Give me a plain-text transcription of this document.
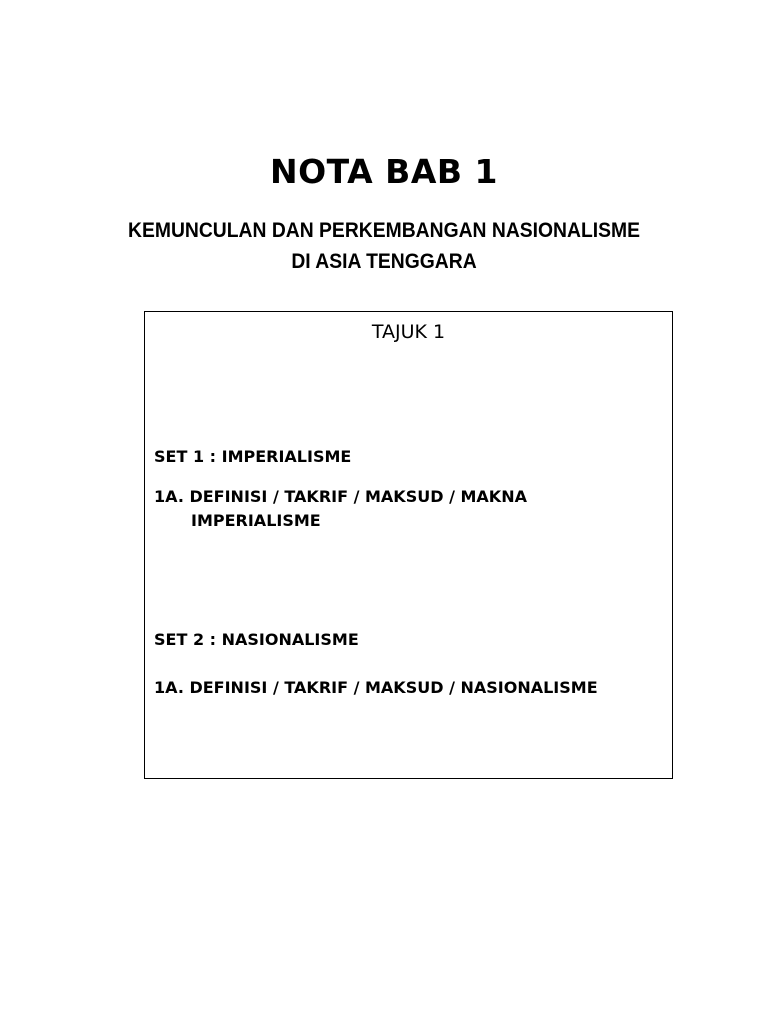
NOTA BAB 1
KEMUNCULAN DAN PERKEMBANGAN NASIONALISME
DI ASIA TENGGARA
TAJUK 1
SET 1 : IMPERIALISME
1A. DEFINISI / TAKRIF / MAKSUD / MAKNA
IMPERIALISME
SET 2 : NASIONALISME
1A. DEFINISI / TAKRIF / MAKSUD / NASIONALISME
